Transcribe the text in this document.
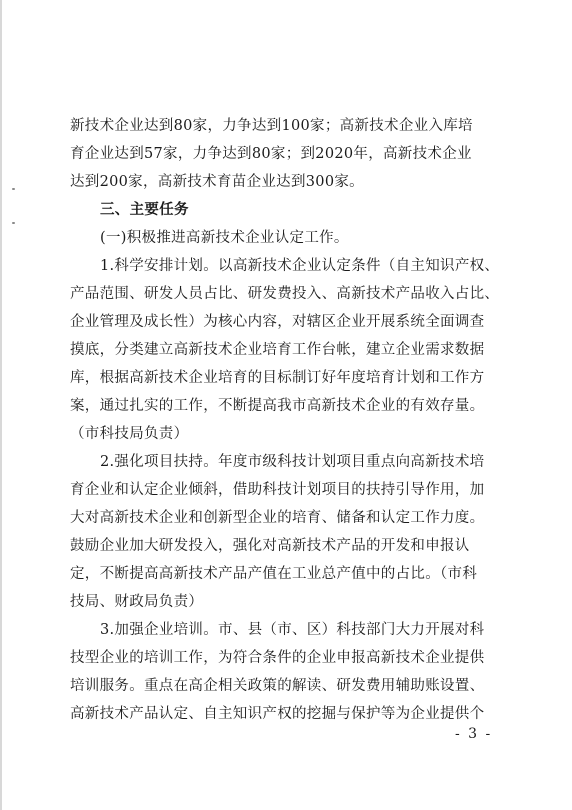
新技术企业达到80家，力争达到100家；高新技术企业入库培
育企业达到57家，力争达到80家；到2020年，高新技术企业
达到200家，高新技术育苗企业达到300家。
三、主要任务
(一)积极推进高新技术企业认定工作。
1.科学安排计划。以高新技术企业认定条件（自主知识产权、
产品范围、研发人员占比、研发费投入、高新技术产品收入占比、
企业管理及成长性）为核心内容，对辖区企业开展系统全面调查
摸底，分类建立高新技术企业培育工作台帐，建立企业需求数据
库，根据高新技术企业培育的目标制订好年度培育计划和工作方
案，通过扎实的工作，不断提高我市高新技术企业的有效存量。
（市科技局负责）
2.强化项目扶持。年度市级科技计划项目重点向高新技术培
育企业和认定企业倾斜，借助科技计划项目的扶持引导作用，加
大对高新技术企业和创新型企业的培育、储备和认定工作力度。
鼓励企业加大研发投入，强化对高新技术产品的开发和申报认
定，不断提高高新技术产品产值在工业总产值中的占比。（市科
技局、财政局负责）
3.加强企业培训。市、县（市、区）科技部门大力开展对科
技型企业的培训工作，为符合条件的企业申报高新技术企业提供
培训服务。重点在高企相关政策的解读、研发费用辅助账设置、
高新技术产品认定、自主知识产权的挖掘与保护等为企业提供个
- 3 -
